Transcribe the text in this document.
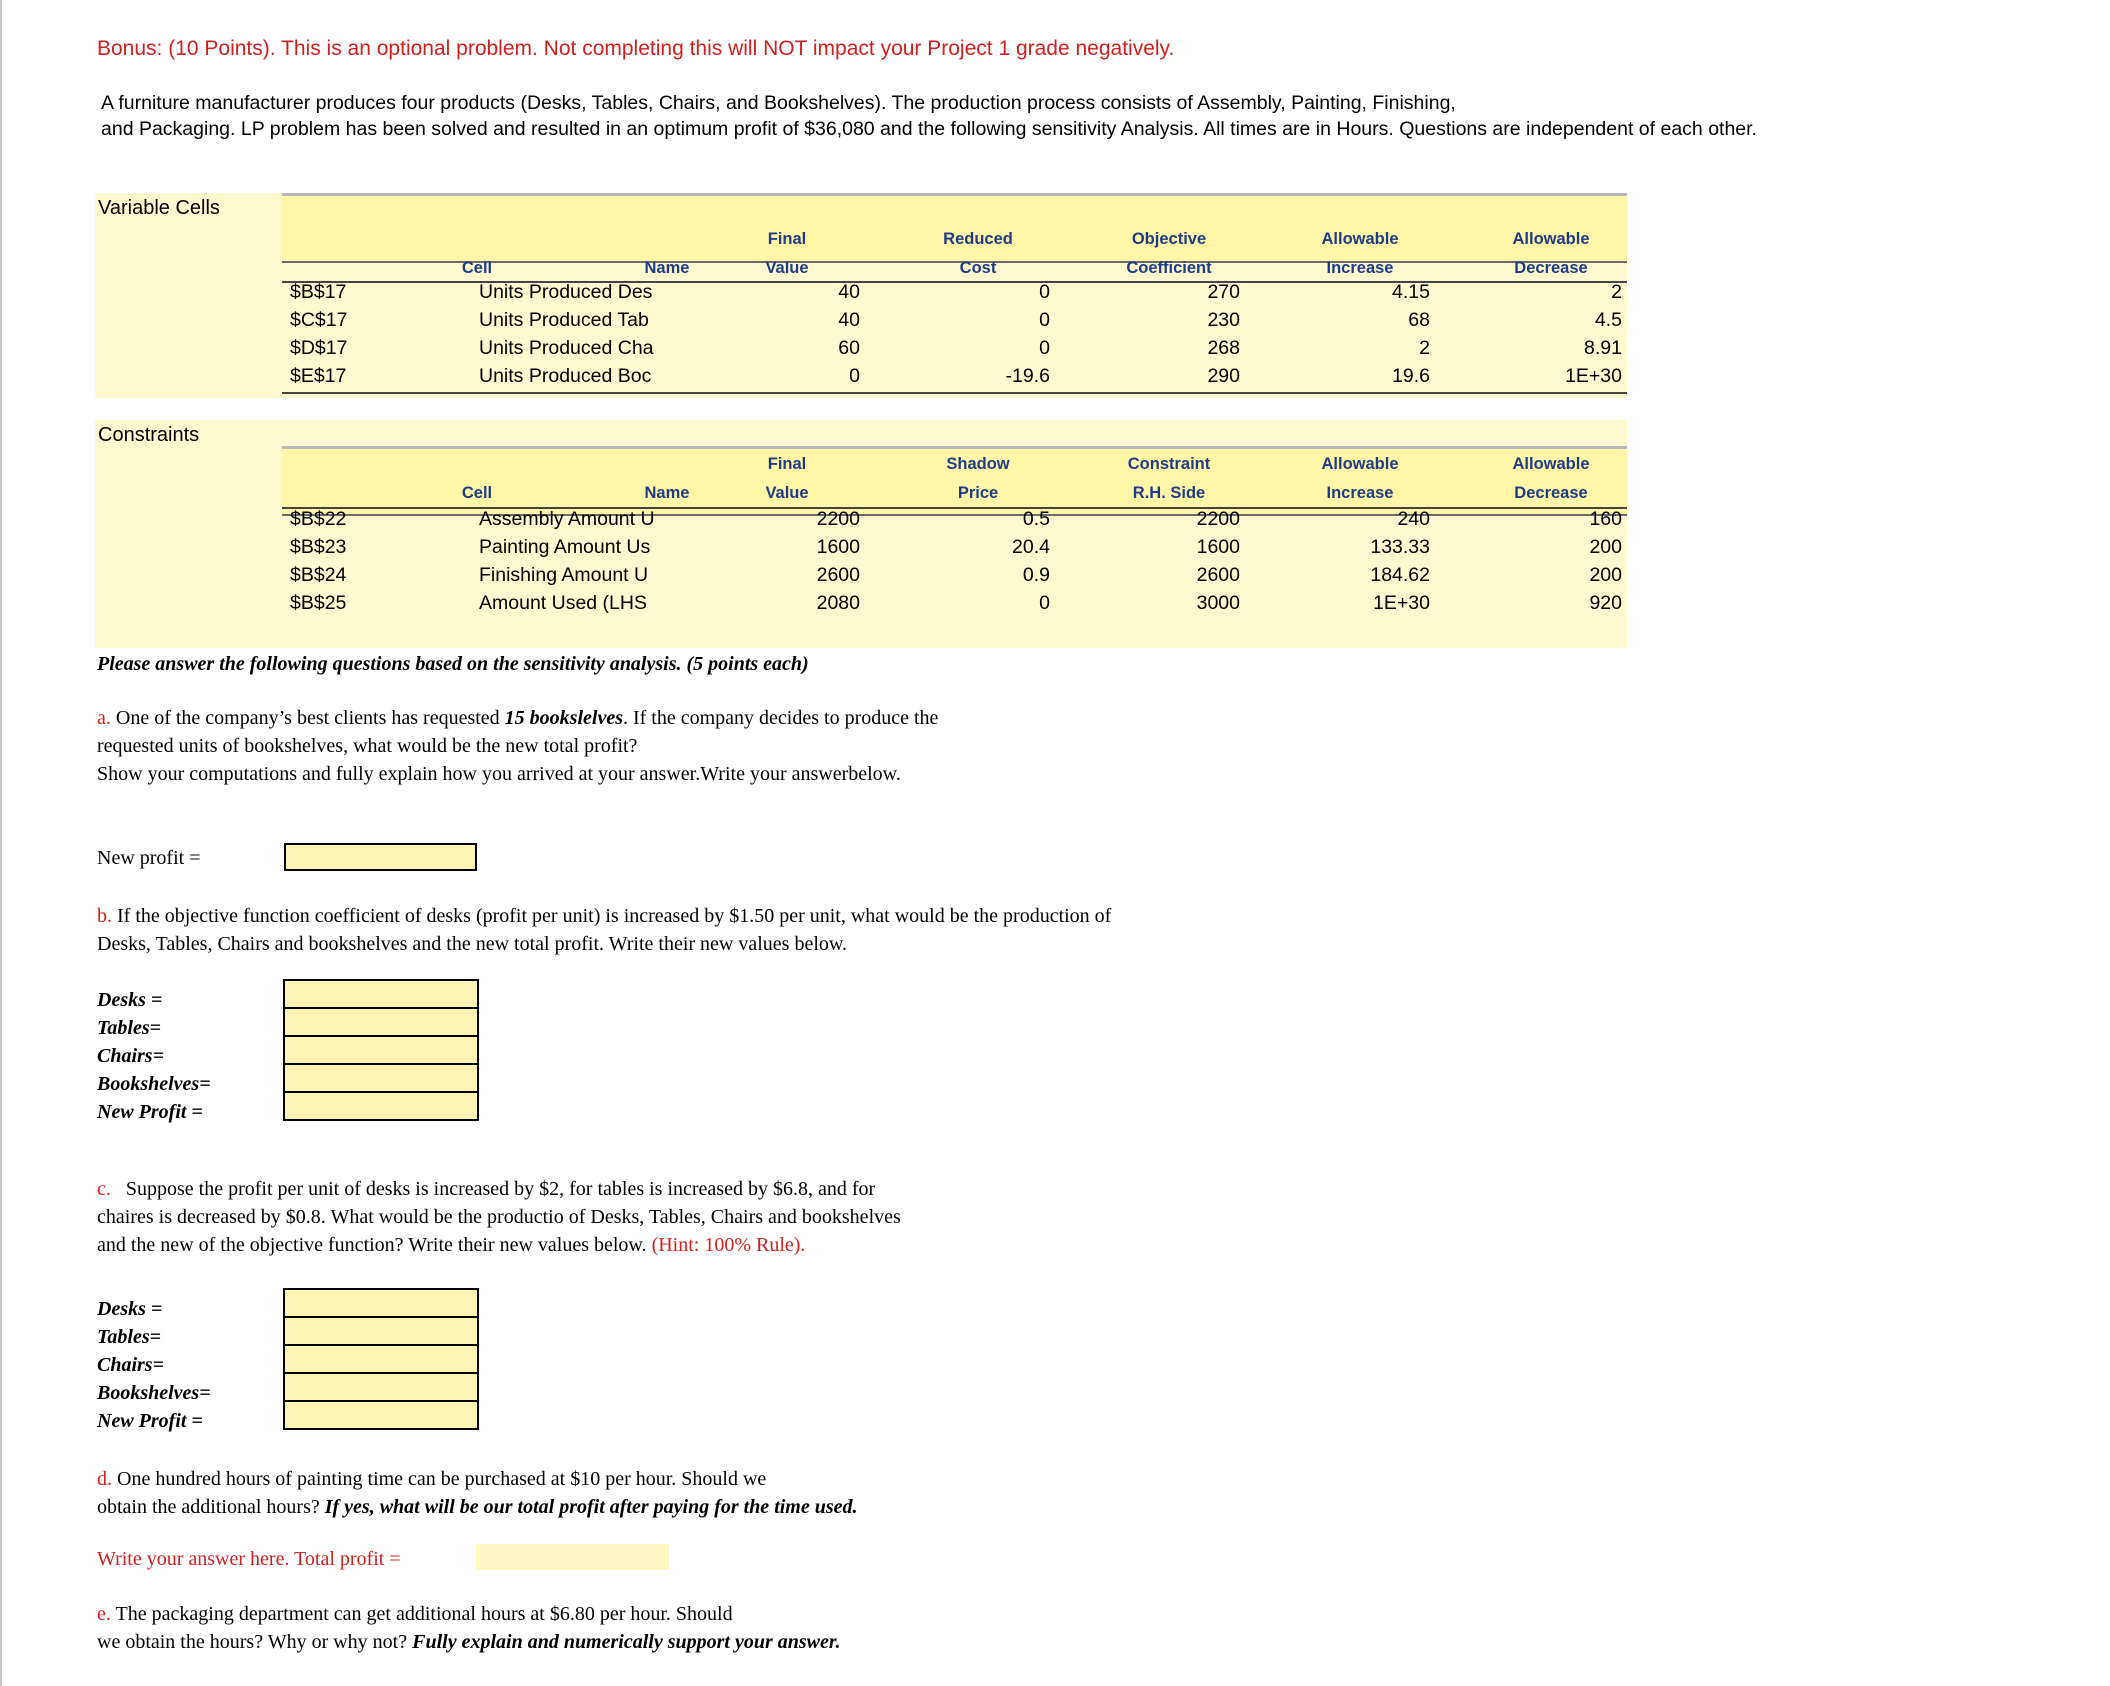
Bonus: (10 Points). This is an optional problem. Not completing this will NOT impact your Project 1 grade negatively.
A furniture manufacturer produces four products (Desks, Tables, Chairs, and Bookshelves). The production process consists of Assembly, Painting, Finishing,
and Packaging. LP problem has been solved and resulted in an optimum profit of $36,080 and the following sensitivity Analysis. All times are in Hours. Questions are independent of each other.
Variable Cells
Final	Reduced	Objective	Allowable	Allowable
Cell	Name	Value	Cost	Coefficient	Increase	Decrease
$B$17	Units Produced Des	40	0	270	4.15	2
$C$17	Units Produced Tab	40	0	230	68	4.5
$D$17	Units Produced Cha	60	0	268	2	8.91
$E$17	Units Produced Boc	0	-19.6	290	19.6	1E+30
Constraints
Final	Shadow	Constraint	Allowable	Allowable
Cell	Name	Value	Price	R.H. Side	Increase	Decrease
$B$22	Assembly Amount U	2200	0.5	2200	240	160
$B$23	Painting Amount Us	1600	20.4	1600	133.33	200
$B$24	Finishing Amount U	2600	0.9	2600	184.62	200
$B$25	Amount Used (LHS	2080	0	3000	1E+30	920
Please answer the following questions based on the sensitivity analysis. (5 points each)
a. One of the company’s best clients has requested 15 bookslelves. If the company decides to produce the
requested units of bookshelves, what would be the new total profit?
Show your computations and fully explain how you arrived at your answer.Write your answerbelow.
New profit =
b. If the objective function coefficient of desks (profit per unit) is increased by $1.50 per unit, what would be the production of
Desks, Tables, Chairs and bookshelves and the new total profit. Write their new values below.
Desks =
Tables=
Chairs=
Bookshelves=
New Profit =
c. Suppose the profit per unit of desks is increased by $2, for tables is increased by $6.8, and for
chaires is decreased by $0.8. What would be the productio of Desks, Tables, Chairs and bookshelves
and the new of the objective function? Write their new values below. (Hint: 100% Rule).
Desks =
Tables=
Chairs=
Bookshelves=
New Profit =
d. One hundred hours of painting time can be purchased at $10 per hour. Should we
obtain the additional hours? If yes, what will be our total profit after paying for the time used.
Write your answer here. Total profit =
e. The packaging department can get additional hours at $6.80 per hour. Should
we obtain the hours? Why or why not? Fully explain and numerically support your answer.
